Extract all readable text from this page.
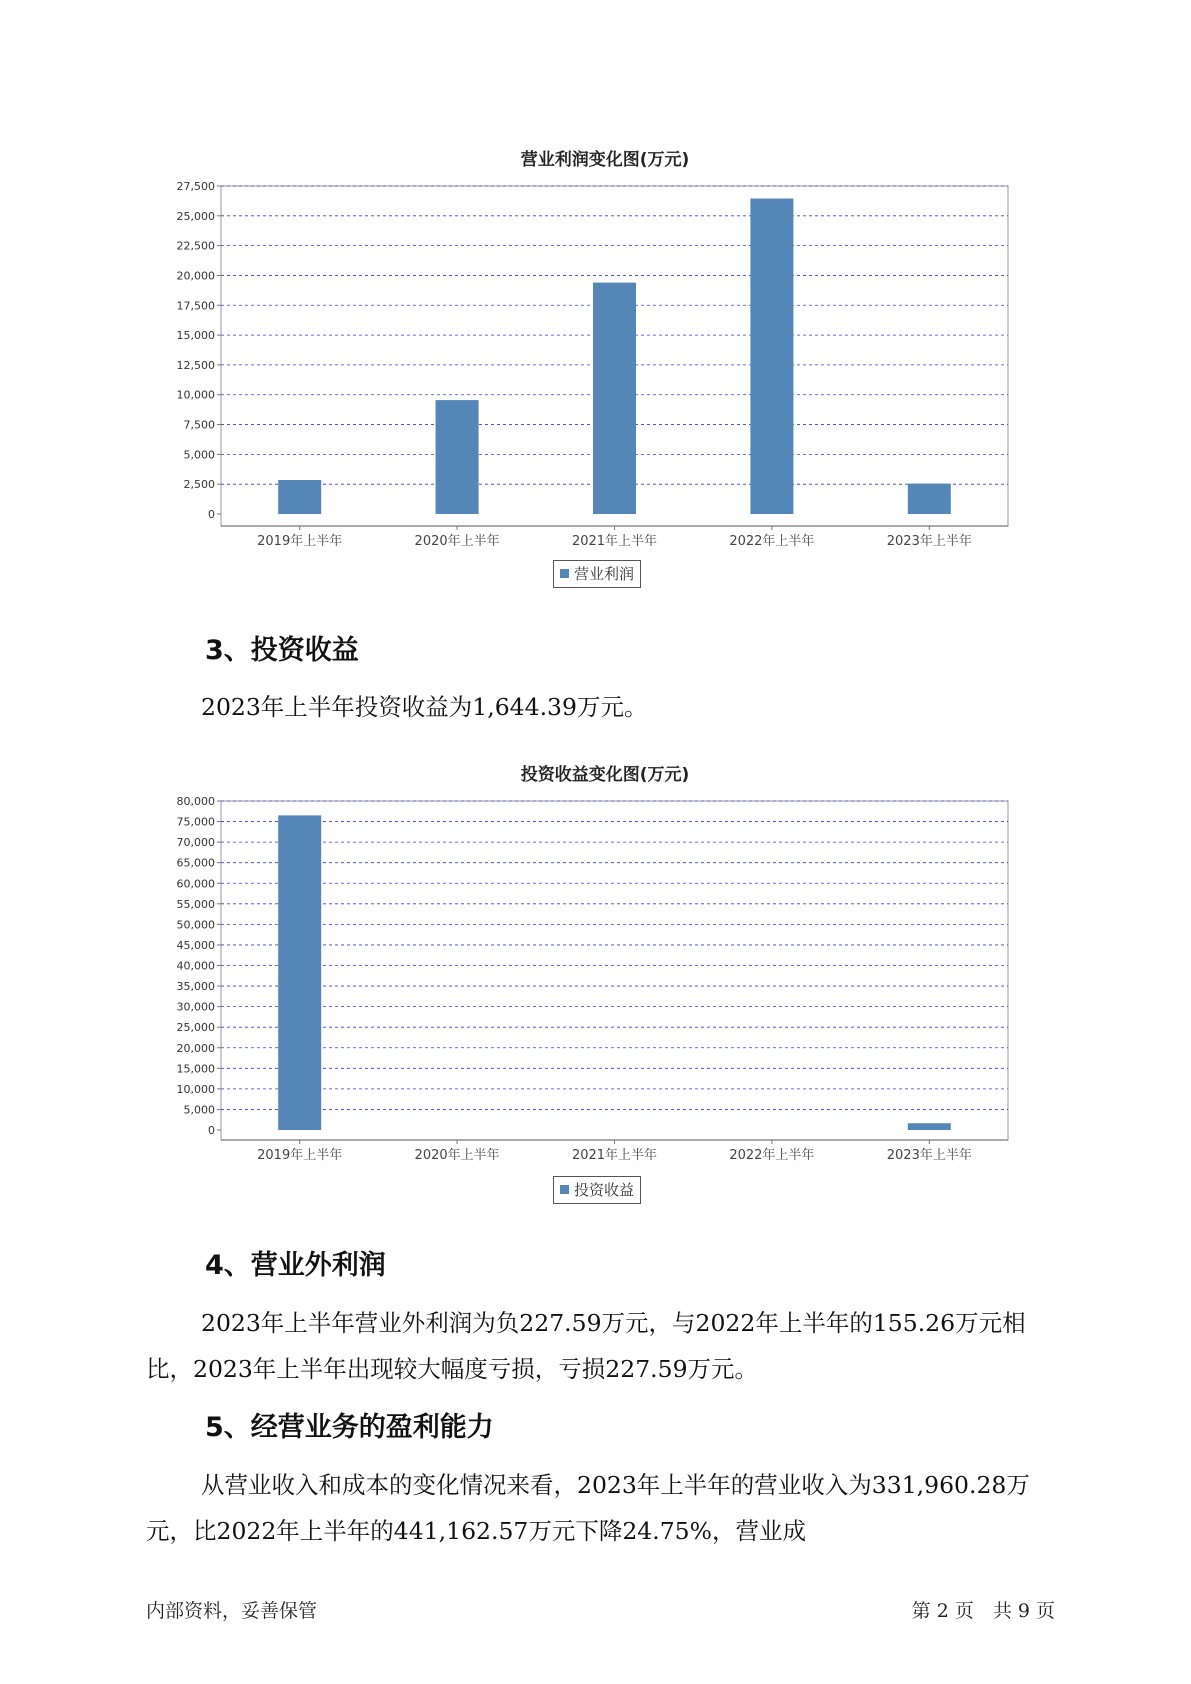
营业利润变化图(万元)
0
2,500
5,000
7,500
10,000
12,500
15,000
17,500
20,000
22,500
25,000
27,500
2019年上半年	2020年上半年	2021年上半年	2022年上半年	2023年上半年
营业利润
3、投资收益

2023年上半年投资收益为1,644.39万元。

投资收益变化图(万元)
0
5,000
10,000
15,000
20,000
25,000
30,000
35,000
40,000
45,000
50,000
55,000
60,000
65,000
70,000
75,000
80,000
2019年上半年	2020年上半年	2021年上半年	2022年上半年	2023年上半年
投资收益
4、营业外利润

2023年上半年营业外利润为负227.59万元，与2022年上半年的155.26万元相比，2023年上半年出现较大幅度亏损，亏损227.59万元。

5、经营业务的盈利能力

从营业收入和成本的变化情况来看，2023年上半年的营业收入为331,960.28万元，比2022年上半年的441,162.57万元下降24.75%，营业成

内部资料，妥善保管	第 2 页　共 9 页
